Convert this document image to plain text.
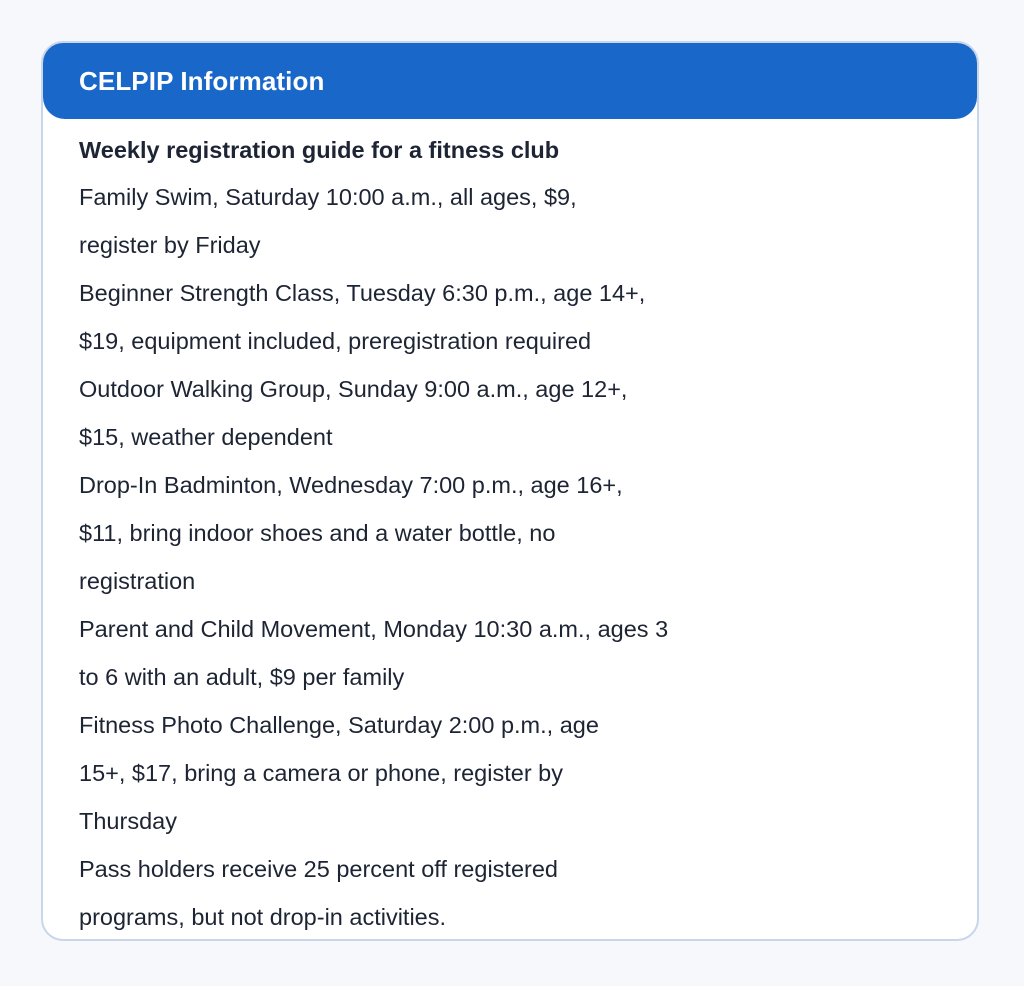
CELPIP Information
Weekly registration guide for a fitness club
Family Swim, Saturday 10:00 a.m., all ages, $9,
register by Friday
Beginner Strength Class, Tuesday 6:30 p.m., age 14+,
$19, equipment included, preregistration required
Outdoor Walking Group, Sunday 9:00 a.m., age 12+,
$15, weather dependent
Drop-In Badminton, Wednesday 7:00 p.m., age 16+,
$11, bring indoor shoes and a water bottle, no
registration
Parent and Child Movement, Monday 10:30 a.m., ages 3
to 6 with an adult, $9 per family
Fitness Photo Challenge, Saturday 2:00 p.m., age
15+, $17, bring a camera or phone, register by
Thursday
Pass holders receive 25 percent off registered
programs, but not drop-in activities.
